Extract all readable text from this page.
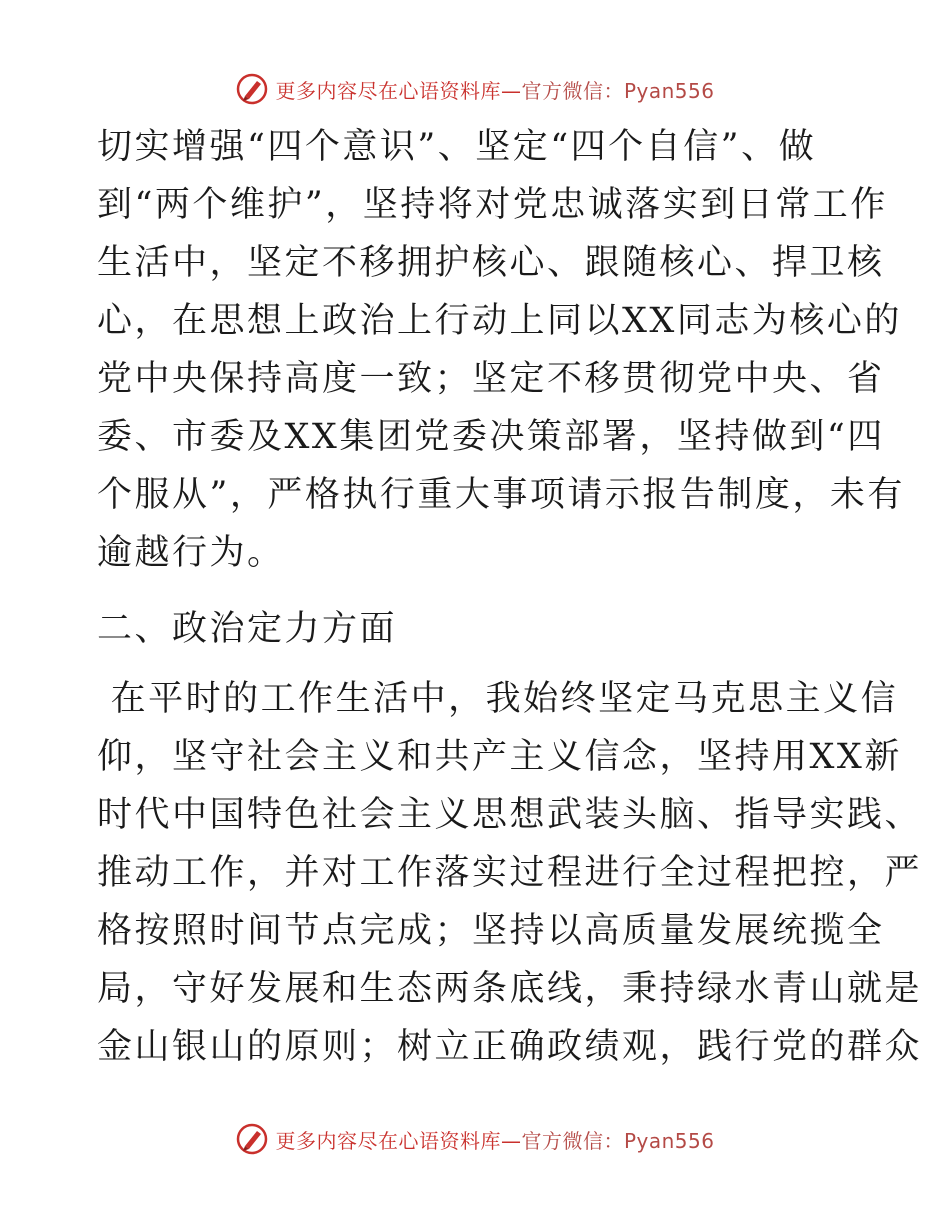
更多内容尽在心语资料库—官方微信：Pyan556
切实增强“四个意识”、坚定“四个自信”、做
到“两个维护”，坚持将对党忠诚落实到日常工作
生活中，坚定不移拥护核心、跟随核心、捍卫核
心，在思想上政治上行动上同以XX同志为核心的
党中央保持高度一致；坚定不移贯彻党中央、省
委、市委及XX集团党委决策部署，坚持做到“四
个服从”，严格执行重大事项请示报告制度，未有
逾越行为。
二、政治定力方面
在平时的工作生活中，我始终坚定马克思主义信
仰，坚守社会主义和共产主义信念，坚持用XX新
时代中国特色社会主义思想武装头脑、指导实践、
推动工作，并对工作落实过程进行全过程把控，严
格按照时间节点完成；坚持以高质量发展统揽全
局，守好发展和生态两条底线，秉持绿水青山就是
金山银山的原则；树立正确政绩观，践行党的群众
更多内容尽在心语资料库—官方微信：Pyan556
